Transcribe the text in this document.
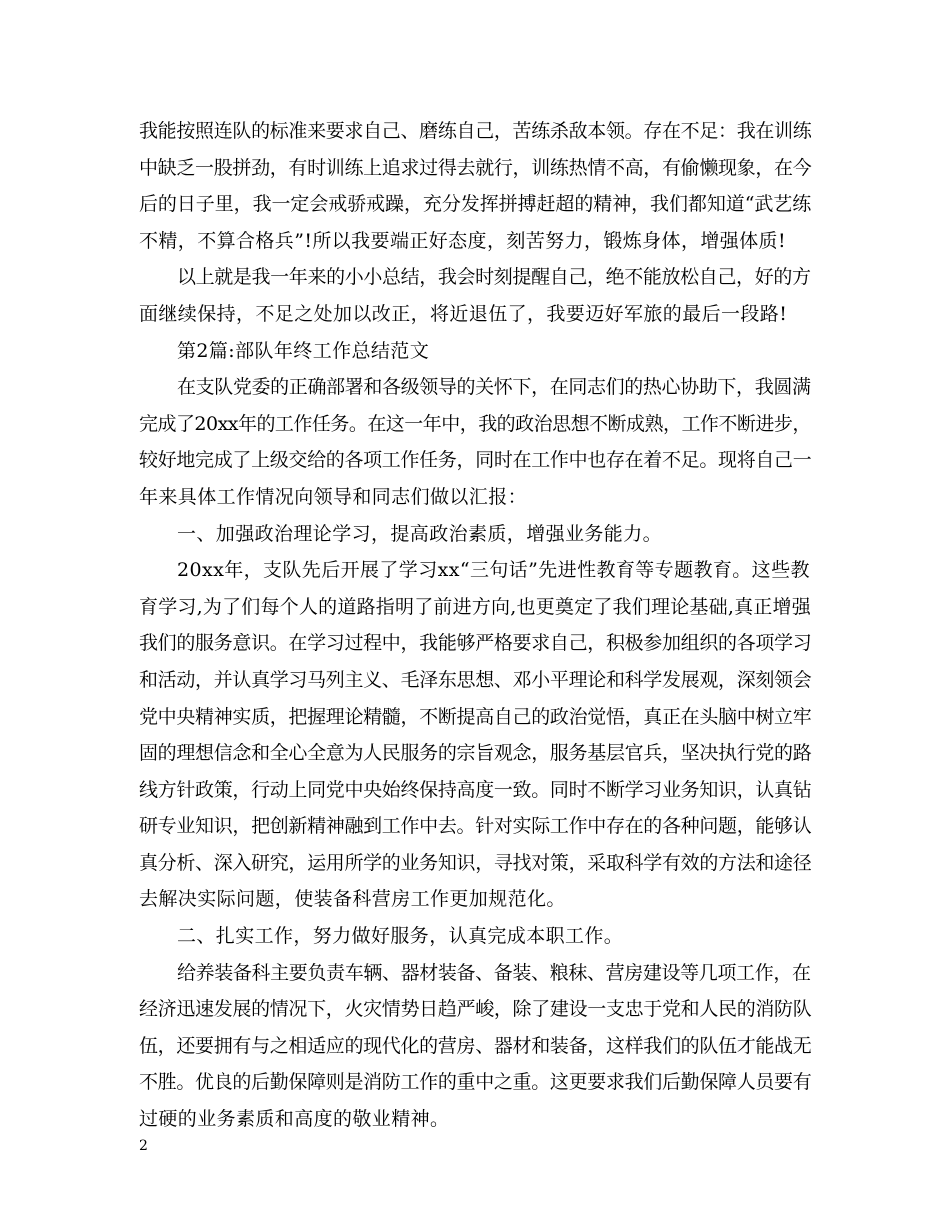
我能按照连队的标准来要求自己、磨练自己，苦练杀敌本领。存在不足：我在训练

中缺乏一股拼劲，有时训练上追求过得去就行，训练热情不高，有偷懒现象，在今

后的日子里，我一定会戒骄戒躁，充分发挥拼搏赶超的精神，我们都知道“武艺练

不精，不算合格兵”!所以我要端正好态度，刻苦努力，锻炼身体，增强体质!

以上就是我一年来的小小总结，我会时刻提醒自己，绝不能放松自己，好的方

面继续保持，不足之处加以改正，将近退伍了，我要迈好军旅的最后一段路!

第2篇:部队年终工作总结范文

在支队党委的正确部署和各级领导的关怀下，在同志们的热心协助下，我圆满

完成了20xx年的工作任务。在这一年中，我的政治思想不断成熟，工作不断进步，

较好地完成了上级交给的各项工作任务，同时在工作中也存在着不足。现将自己一

年来具体工作情况向领导和同志们做以汇报：

一、加强政治理论学习，提高政治素质，增强业务能力。

20xx年，支队先后开展了学习xx“三句话”先进性教育等专题教育。这些教

育学习,为了们每个人的道路指明了前进方向,也更奠定了我们理论基础,真正增强

我们的服务意识。在学习过程中，我能够严格要求自己，积极参加组织的各项学习

和活动，并认真学习马列主义、毛泽东思想、邓小平理论和科学发展观，深刻领会

党中央精神实质，把握理论精髓，不断提高自己的政治觉悟，真正在头脑中树立牢

固的理想信念和全心全意为人民服务的宗旨观念，服务基层官兵，坚决执行党的路

线方针政策，行动上同党中央始终保持高度一致。同时不断学习业务知识，认真钻

研专业知识，把创新精神融到工作中去。针对实际工作中存在的各种问题，能够认

真分析、深入研究，运用所学的业务知识，寻找对策，采取科学有效的方法和途径

去解决实际问题，使装备科营房工作更加规范化。

二、扎实工作，努力做好服务，认真完成本职工作。

给养装备科主要负责车辆、器材装备、备装、粮秣、营房建设等几项工作，在

经济迅速发展的情况下，火灾情势日趋严峻，除了建设一支忠于党和人民的消防队

伍，还要拥有与之相适应的现代化的营房、器材和装备，这样我们的队伍才能战无

不胜。优良的后勤保障则是消防工作的重中之重。这更要求我们后勤保障人员要有

过硬的业务素质和高度的敬业精神。

2
